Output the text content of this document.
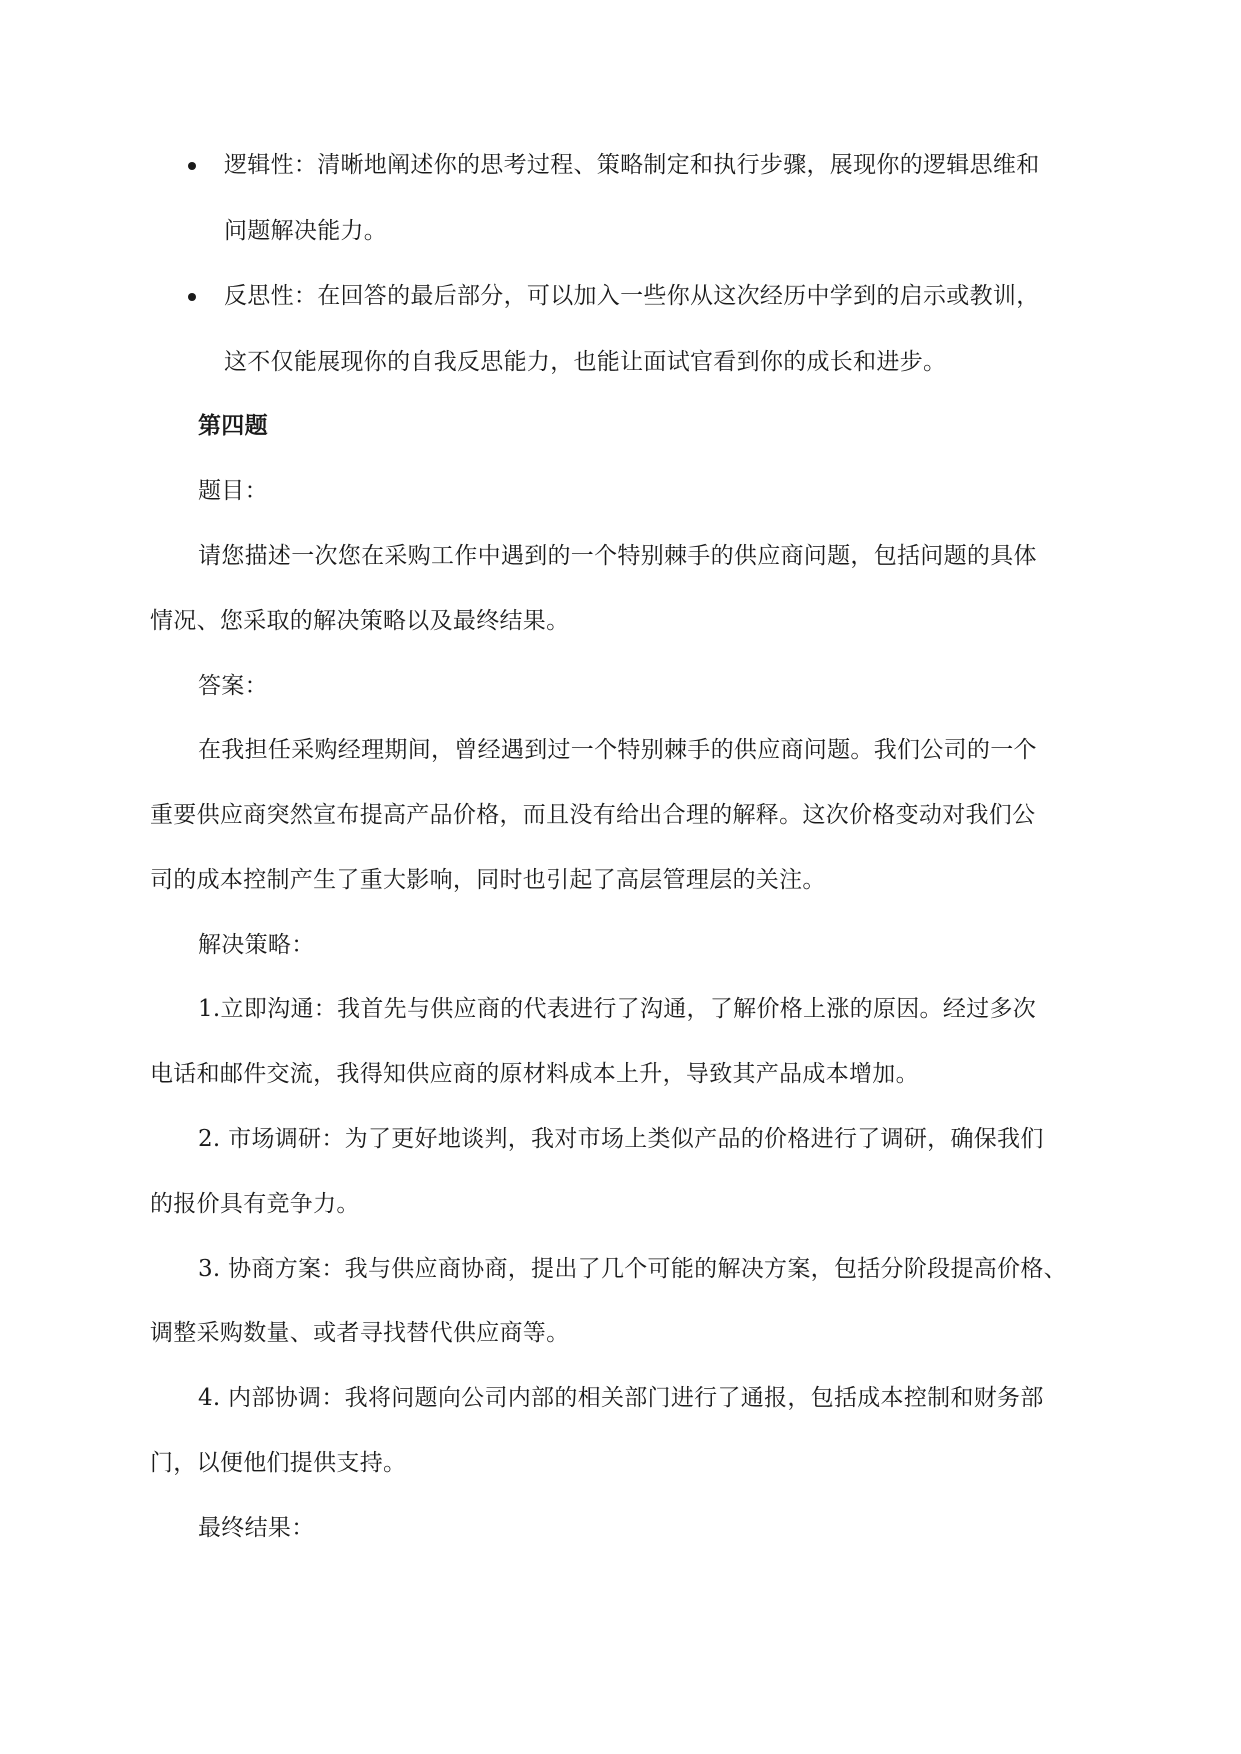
逻辑性：清晰地阐述你的思考过程、策略制定和执行步骤，展现你的逻辑思维和
问题解决能力。
反思性：在回答的最后部分，可以加入一些你从这次经历中学到的启示或教训，
这不仅能展现你的自我反思能力，也能让面试官看到你的成长和进步。
第四题
题目：
请您描述一次您在采购工作中遇到的一个特别棘手的供应商问题，包括问题的具体
情况、您采取的解决策略以及最终结果。
答案：
在我担任采购经理期间，曾经遇到过一个特别棘手的供应商问题。我们公司的一个
重要供应商突然宣布提高产品价格，而且没有给出合理的解释。这次价格变动对我们公
司的成本控制产生了重大影响，同时也引起了高层管理层的关注。
解决策略：
1.立即沟通：我首先与供应商的代表进行了沟通，了解价格上涨的原因。经过多次
电话和邮件交流，我得知供应商的原材料成本上升，导致其产品成本增加。
2. 市场调研：为了更好地谈判，我对市场上类似产品的价格进行了调研，确保我们
的报价具有竞争力。
3. 协商方案：我与供应商协商，提出了几个可能的解决方案，包括分阶段提高价格、
调整采购数量、或者寻找替代供应商等。
4. 内部协调：我将问题向公司内部的相关部门进行了通报，包括成本控制和财务部
门，以便他们提供支持。
最终结果：
